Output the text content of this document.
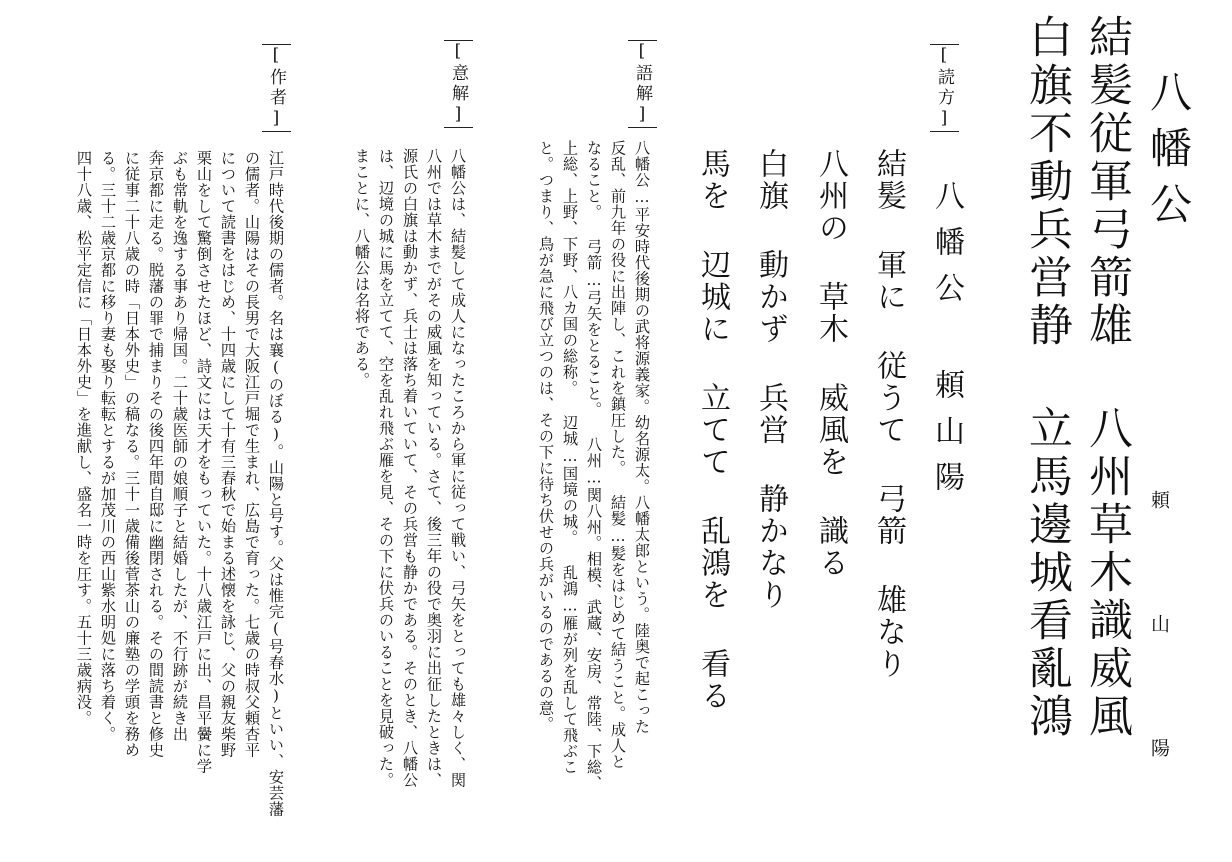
八幡公
頼山陽
結髪従軍弓箭雄 八州草木識威風
白旗不動兵営静 立馬邊城看亂鴻
[読方]
八幡公 頼山陽
結髪 軍に 従うて 弓箭 雄なり
八州の 草木 威風を 識る
白旗 動かず 兵営 静かなり
馬を 辺城に 立てて 乱鴻を 看る
[語解]
八幡公…平安時代後期の武将源義家。幼名源太。八幡太郎という。陸奥で起こった
反乱、前九年の役に出陣し、これを鎮圧した。 結髪…髪をはじめて結うこと。成人と
なること。 弓箭…弓矢をとること。 八州…関八州。相模、武蔵、安房、常陸、下総、
上総、上野、下野、八カ国の総称。 辺城…国境の城。 乱鴻…雁が列を乱して飛ぶこ
と。つまり、鳥が急に飛び立つのは、その下に待ち伏せの兵がいるのであるの意。
[意解]
八幡公は、結髪して成人になったころから軍に従って戦い、弓矢をとっても雄々しく、関
八州では草木までがその威風を知っている。さて、後三年の役で奥羽に出征したときは、
源氏の白旗は動かず、兵士は落ち着いていて、その兵営も静かである。そのとき、八幡公
は、辺境の城に馬を立てて、空を乱れ飛ぶ雁を見、その下に伏兵のいることを見破った。
まことに、八幡公は名将である。
[作者]
江戸時代後期の儒者。名は襄(のぼる)。山陽と号す。父は惟完(号春水)といい、安芸藩
の儒者。山陽はその長男で大阪江戸堀で生まれ、広島で育った。七歳の時叔父頼杏平
について読書をはじめ、十四歳にして十有三春秋で始まる述懐を詠じ、父の親友柴野
栗山をして驚倒させたほど、詩文には天才をもっていた。十八歳江戸に出、昌平黌に学
ぶも常軌を逸する事あり帰国。二十歳医師の娘順子と結婚したが、不行跡が続き出
奔京都に走る。脱藩の罪で捕まりその後四年間自邸に幽閉される。その間読書と修史
に従事二十八歳の時「日本外史」の稿なる。三十一歳備後菅茶山の廉塾の学頭を務め
る。三十二歳京都に移り妻も娶り転転とするが加茂川の西山紫水明処に落ち着く。
四十八歳、松平定信に「日本外史」を進献し、盛名一時を圧す。五十三歳病没。
